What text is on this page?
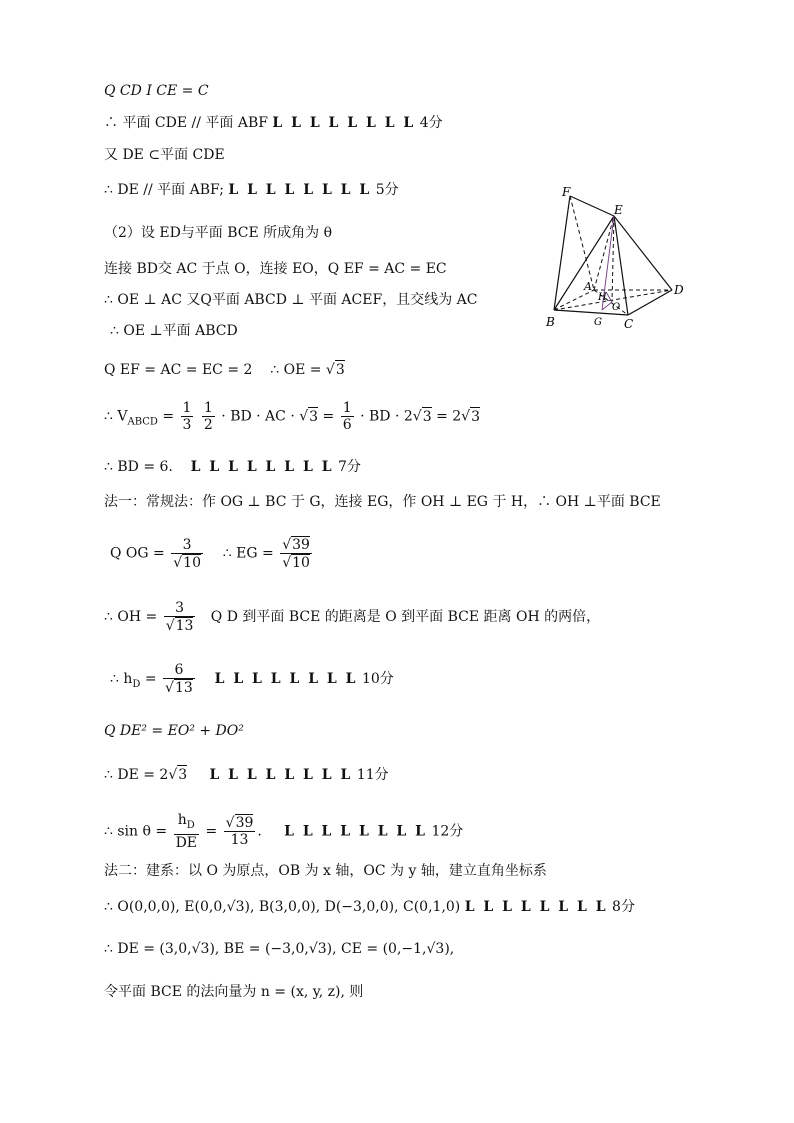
Q CD I CE = C
∴ 平面 CDE // 平面 ABF L L L L L L L L 4分
又 DE ⊂平面 CDE
∴ DE // 平面 ABF; L L L L L L L L 5分
（2）设 ED与平面 BCE 所成角为 θ
连接 BD交 AC 于点 O，连接 EO，Q EF = AC = EC
∴ OE ⊥ AC 又Q平面 ABCD ⊥ 平面 ACEF，且交线为 AC
∴ OE ⊥平面 ABCD
Q EF = AC = EC = 2 ∴ OE = √3
∴ $V_{ABCD} = \frac{1}{3}$
$\frac{1}{2}$ · BD · AC · $√3 = \frac{1}{6}$ · BD · 2√3 = 2√3
∴ BD = 6. L L L L L L L L 7分
法一：常规法：作 OG ⊥ BC 于 G，连接 EG，作 OH ⊥ EG 于 H，∴ OH ⊥平面 BCE
Q OG = $\frac{3}{√10}$ ∴ EG = $\frac{√39}{√10}$
∴ OH = $\frac{3}{√13}$ Q D 到平面 BCE 的距离是 O 到平面 BCE 距离 OH 的两倍，
∴ $h_D = \frac{6}{√13}$ L L L L L L L L 10分
Q DE² = EO² + DO²
∴ DE = 2√3 L L L L L L L L 11分
∴ $\sin \theta = \frac{h_D}{DE} = \frac{√39}{13}$ .     L L L L L L L L 12分
法二：建系：以 O 为原点，OB 为 x 轴，OC 为 y 轴，建立直角坐标系
∴ O(0,0,0), E(0,0,√3), B(3,0,0), D(−3,0,0), C(0,1,0) L L L L L L L L 8分
∴ DE = (3,0,√3), BE = (−3,0,√3), CE = (0,−1,√3),
令平面 BCE 的法向量为 n = (x, y, z), 则
F
E
A
H
D
B	G
O
C
